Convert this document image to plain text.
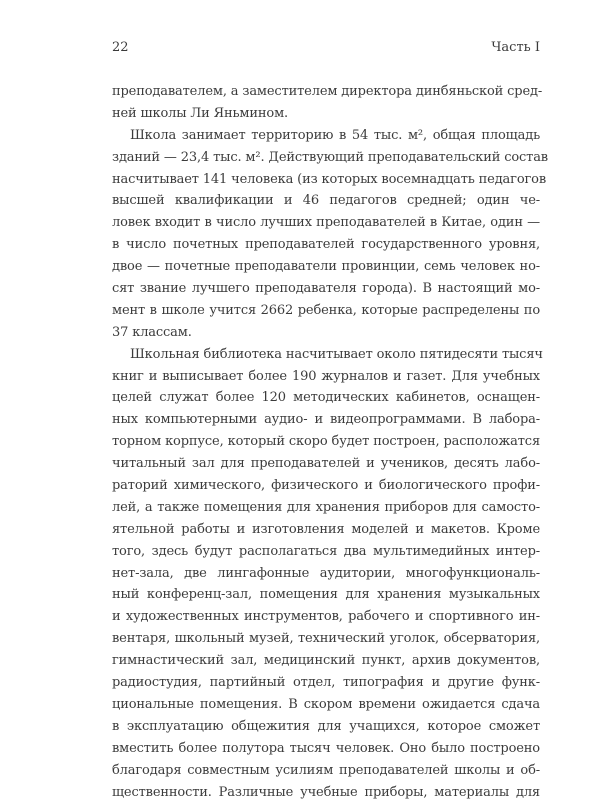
22	Часть I
преподавателем, а заместителем директора динбяньской сред-
ней школы Ли Яньмином.
Школа занимает территорию в 54 тыс. м², общая площадь
зданий — 23,4 тыс. м². Действующий преподавательский состав
насчитывает 141 человека (из которых восемнадцать педагогов
высшей квалификации и 46 педагогов средней; один че-
ловек входит в число лучших преподавателей в Китае, один —
в число почетных преподавателей государственного уровня,
двое — почетные преподаватели провинции, семь человек но-
сят звание лучшего преподавателя города). В настоящий мо-
мент в школе учится 2662 ребенка, которые распределены по
37 классам.
Школьная библиотека насчитывает около пятидесяти тысяч
книг и выписывает более 190 журналов и газет. Для учебных
целей служат более 120 методических кабинетов, оснащен-
ных компьютерными аудио- и видеопрограммами. В лабора-
торном корпусе, который скоро будет построен, расположатся
читальный зал для преподавателей и учеников, десять лабо-
раторий химического, физического и биологического профи-
лей, а также помещения для хранения приборов для самосто-
ятельной работы и изготовления моделей и макетов. Кроме
того, здесь будут располагаться два мультимедийных интер-
нет-зала, две лингафонные аудитории, многофункциональ-
ный конференц-зал, помещения для хранения музыкальных
и художественных инструментов, рабочего и спортивного ин-
вентаря, школьный музей, технический уголок, обсерватория,
гимнастический зал, медицинский пункт, архив документов,
радиостудия, партийный отдел, типография и другие функ-
циональные помещения. В скором времени ожидается сдача
в эксплуатацию общежития для учащихся, которое сможет
вместить более полутора тысяч человек. Оно было построено
благодаря совместным усилиям преподавателей школы и об-
щественности. Различные учебные приборы, материалы для
